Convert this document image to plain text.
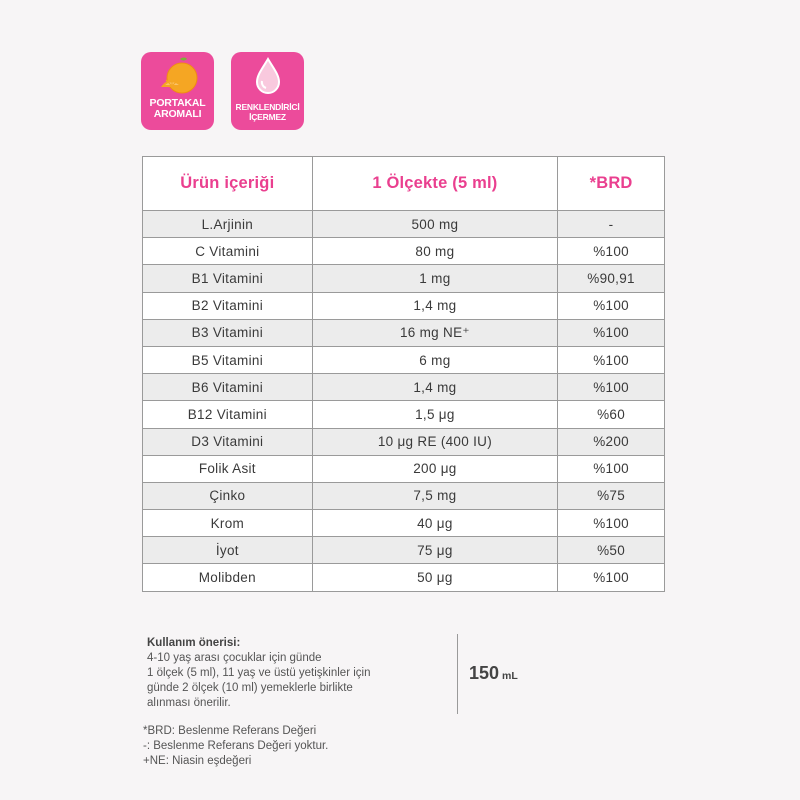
PORTAKAL
AROMALI
RENKLENDİRİCİ
İÇERMEZ
Ürün içeriği	1 Ölçekte (5 ml)	*BRD
L.Arjinin	500 mg	-
C Vitamini	80 mg	%100
B1 Vitamini	1 mg	%90,91
B2 Vitamini	1,4 mg	%100
B3 Vitamini	16 mg NE⁺	%100
B5 Vitamini	6 mg	%100
B6 Vitamini	1,4 mg	%100
B12 Vitamini	1,5 μg	%60
D3 Vitamini	10 μg RE (400 IU)	%200
Folik Asit	200 μg	%100
Çinko	7,5 mg	%75
Krom	40 μg	%100
İyot	75 μg	%50
Molibden	50 μg	%100
Kullanım önerisi:
4-10 yaş arası çocuklar için günde
1 ölçek (5 ml), 11 yaş ve üstü yetişkinler için
günde 2 ölçek (10 ml) yemeklerle birlikte
alınması önerilir.
150 mL
*BRD: Beslenme Referans Değeri
-: Beslenme Referans Değeri yoktur.
+NE: Niasin eşdeğeri
